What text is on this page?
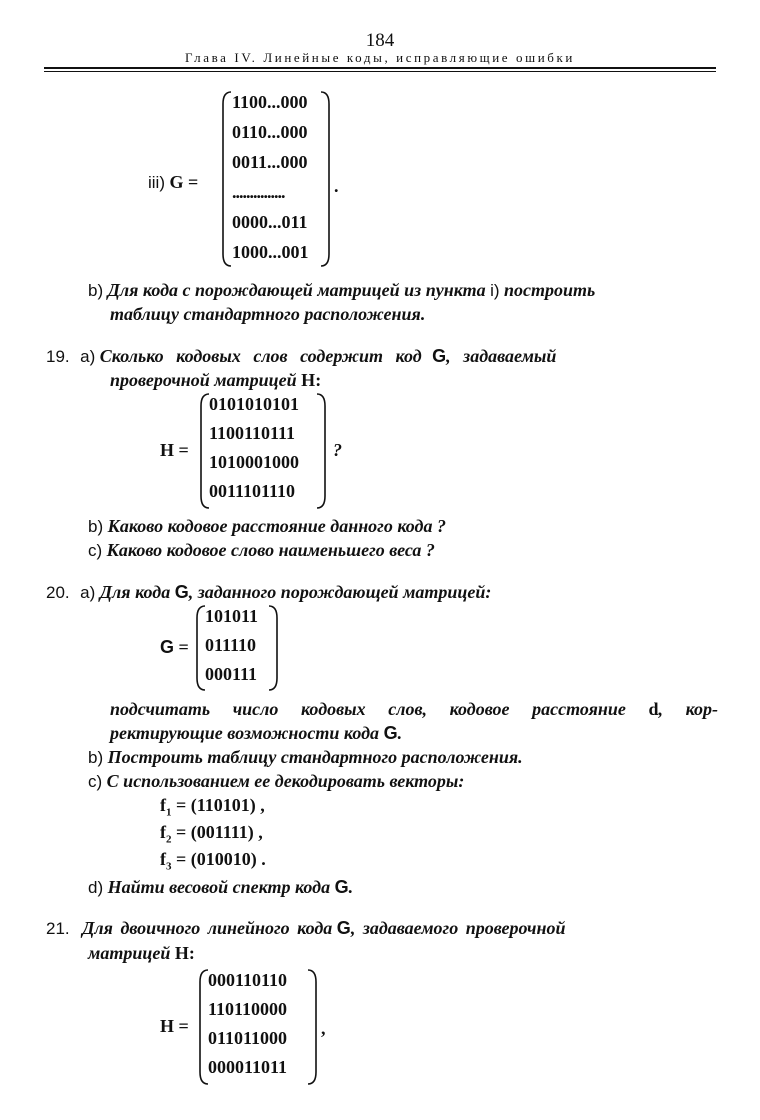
184
Глава IV. Линейные коды, исправляющие ошибки
iii) G =
1100...000
0110...000
0011...000
...............
0000...011
1000...001
.
b) Для кода с порождающей матрицей из пункта i) построить
таблицу стандартного расположения.
19. a) Сколько кодовых слов содержит код G, задаваемый
проверочной матрицей H:
H =
0101010101
1100110111
1010001000
0011101110
?
b) Каково кодовое расстояние данного кода ?
c) Каково кодовое слово наименьшего веса ?
20. a) Для кода G, заданного порождающей матрицей:
G =
101011
011110
000111
подсчитать число кодовых слов, кодовое расстояние d, кор-
ректирующие возможности кода G.
b) Построить таблицу стандартного расположения.
c) С использованием ее декодировать векторы:
$f_1 = (110101)$ ,
$f_2 = (001111)$ ,
$f_3 = (010010)$ .
d) Найти весовой спектр кода G.
21. Для двоичного линейного кода G, задаваемого проверочной
матрицей H:
H =
000110110
110110000
011011000
000011011
,
